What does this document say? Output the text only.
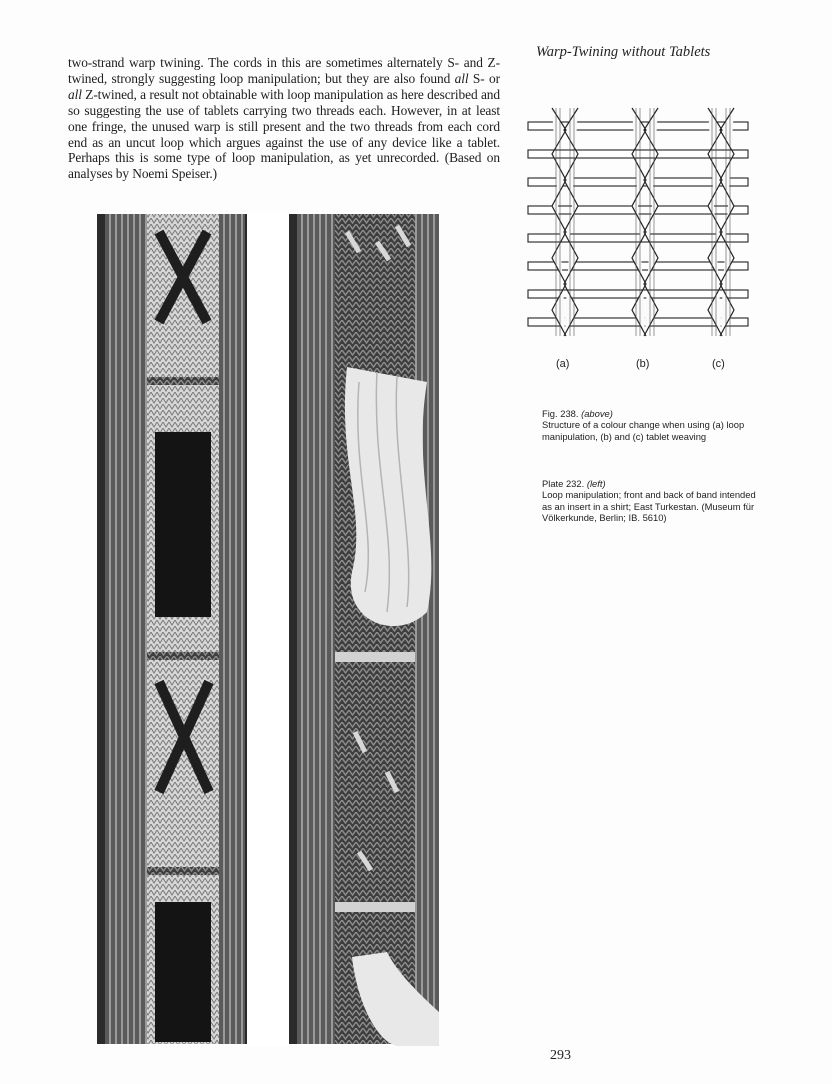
Warp-Twining without Tablets
two-strand warp twining. The cords in this are sometimes alternately S- and Z-twined, strongly suggesting loop manipulation; but they are also found all S- or all Z-twined, a result not obtainable with loop manipulation as here described and so suggesting the use of tablets carrying two threads each. However, in at least one fringe, the unused warp is still present and the two threads from each cord end as an uncut loop which argues against the use of any device like a tablet. Perhaps this is some type of loop manipulation, as yet unrecorded. (Based on analyses by Noemi Speiser.)
(a)	(b)	(c)
Fig. 238. (above)
Structure of a colour change when using (a) loop manipulation, (b) and (c) tablet weaving
Plate 232. (left)
Loop manipulation; front and back of band intended as an insert in a shirt; East Turkestan. (Museum für Völkerkunde, Berlin; IB. 5610)
293
